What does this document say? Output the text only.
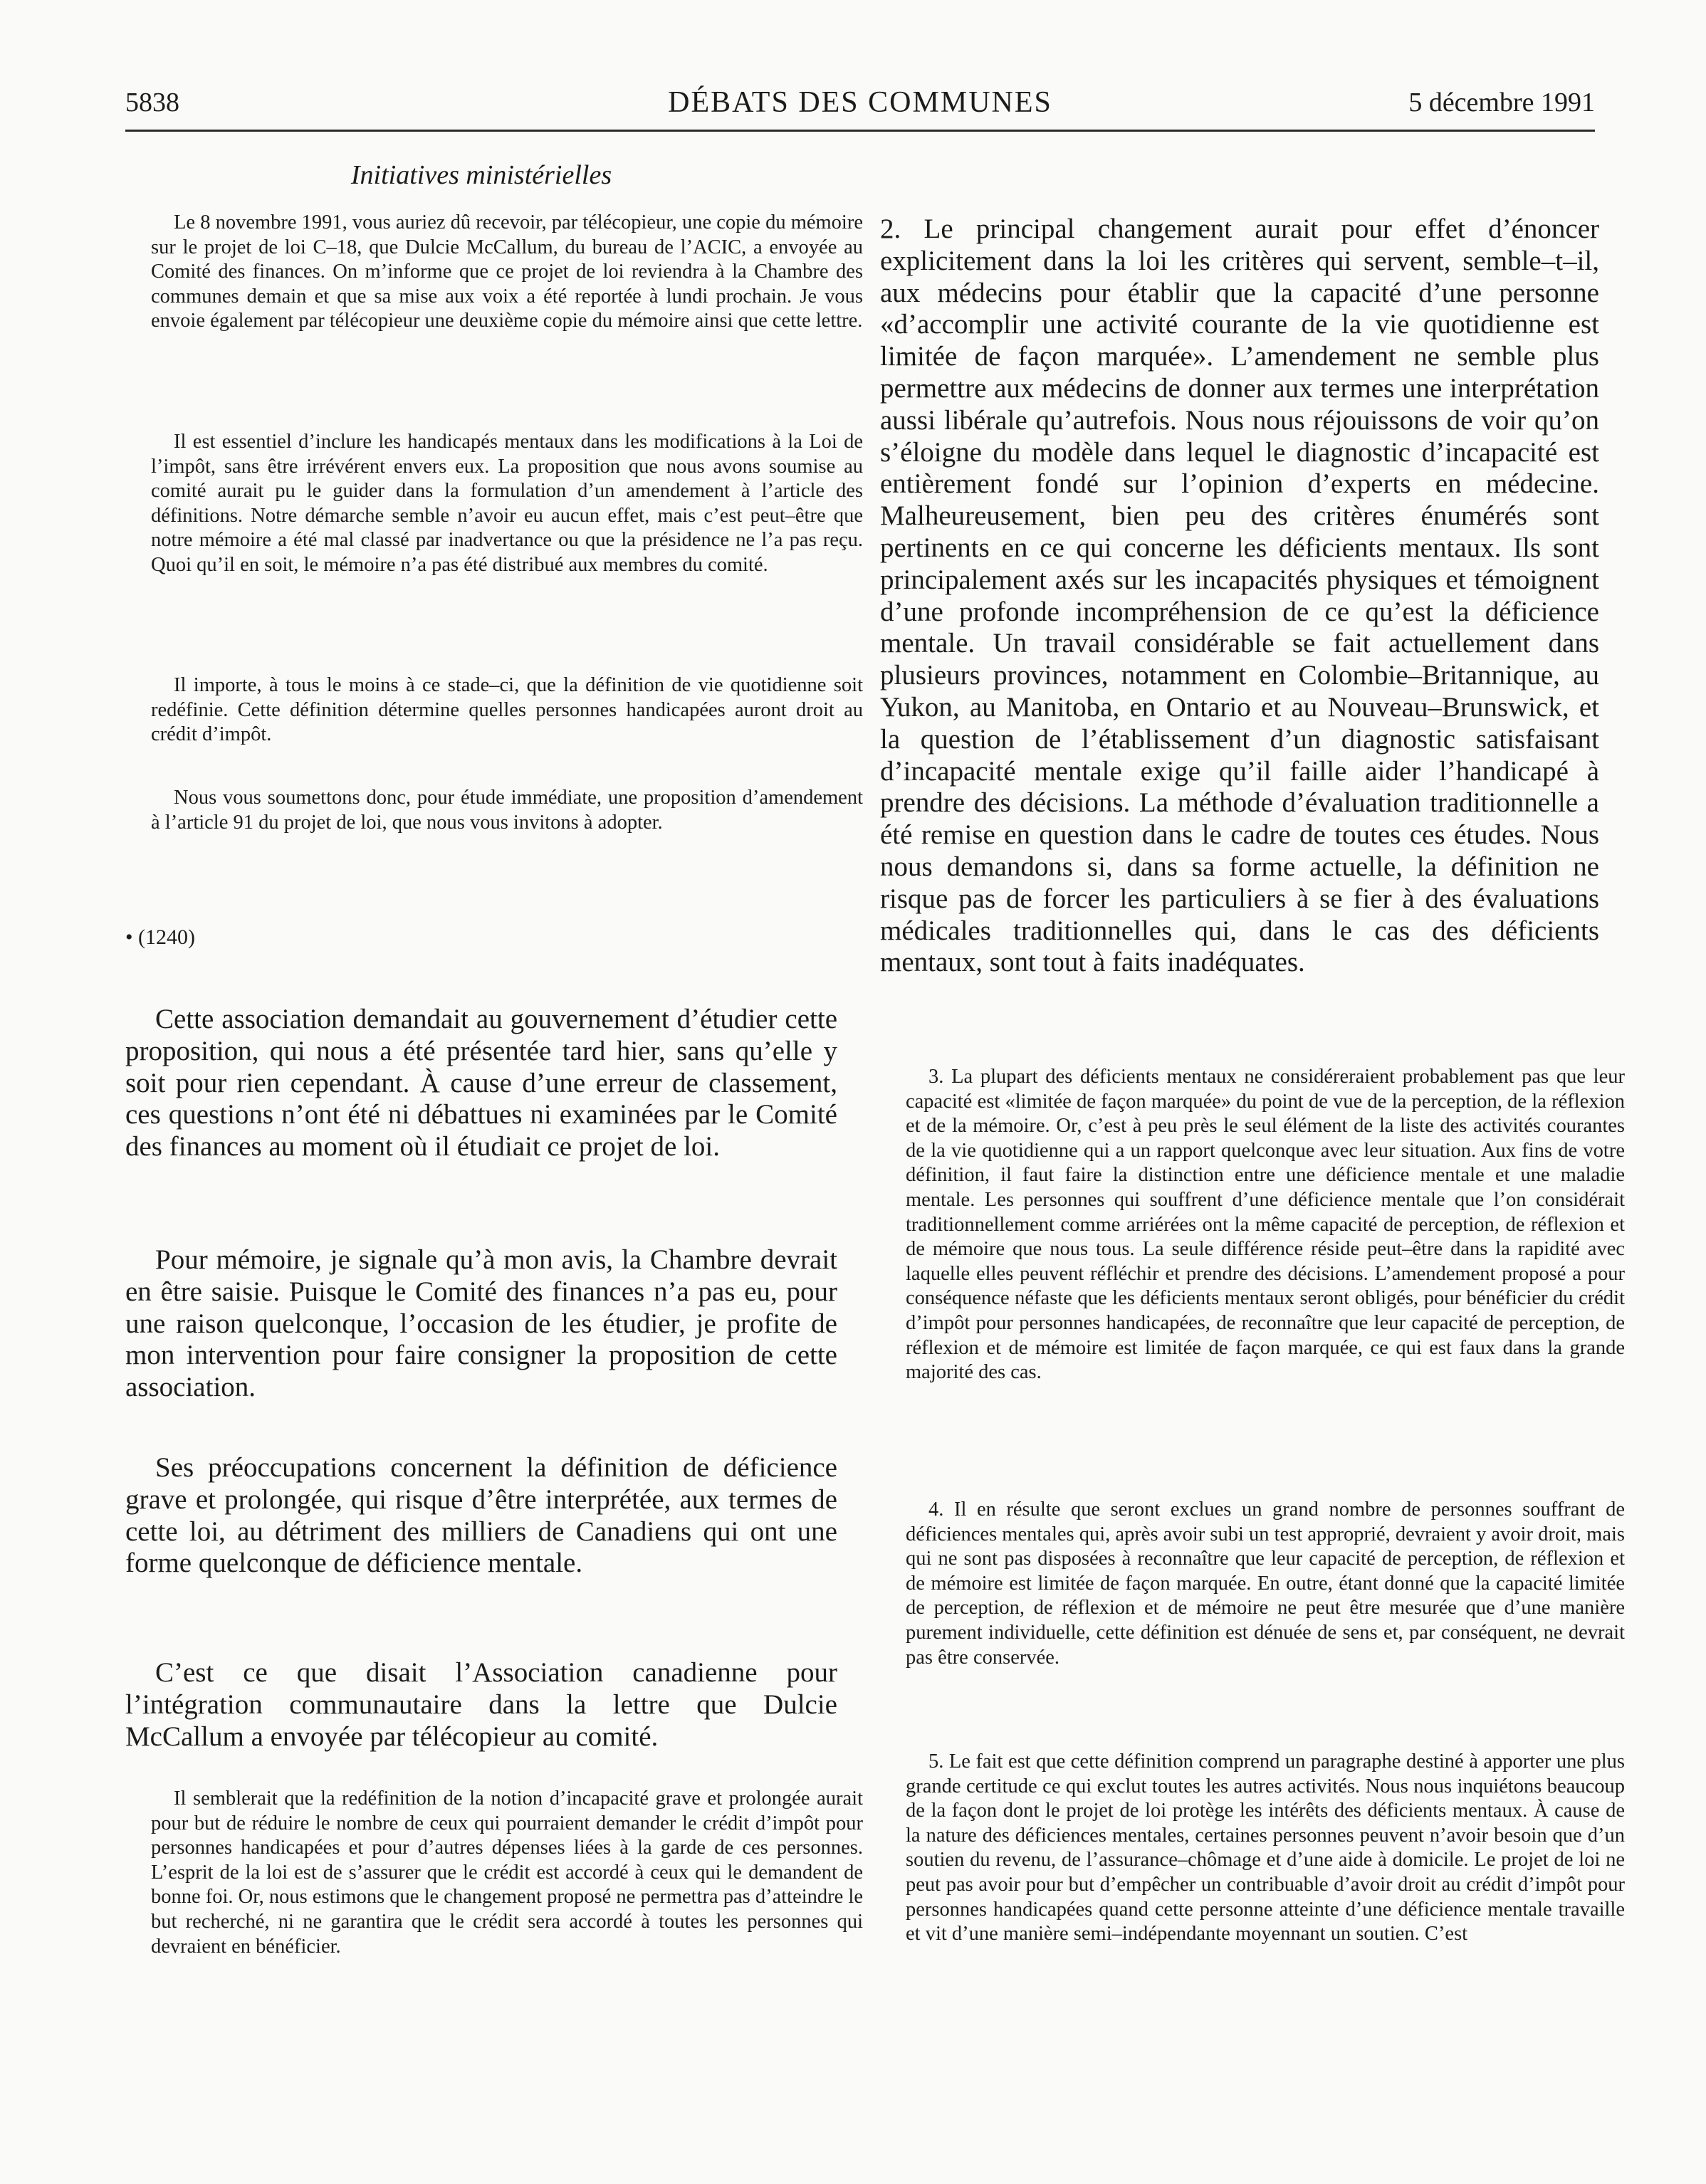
5838	DÉBATS DES COMMUNES	5 décembre 1991
Initiatives ministérielles

Le 8 novembre 1991, vous auriez dû recevoir, par télécopieur, une copie du mémoire sur le projet de loi C–18, que Dulcie McCallum, du bureau de l’ACIC, a envoyée au Comité des finances. On m’informe que ce projet de loi reviendra à la Chambre des communes demain et que sa mise aux voix a été reportée à lundi prochain. Je vous envoie également par télécopieur une deuxième copie du mémoire ainsi que cette lettre.

Il est essentiel d’inclure les handicapés mentaux dans les modifications à la Loi de l’impôt, sans être irrévérent envers eux. La proposition que nous avons soumise au comité aurait pu le guider dans la formulation d’un amendement à l’article des définitions. Notre démarche semble n’avoir eu aucun effet, mais c’est peut–être que notre mémoire a été mal classé par inadvertance ou que la présidence ne l’a pas reçu. Quoi qu’il en soit, le mémoire n’a pas été distribué aux membres du comité.

Il importe, à tous le moins à ce stade–ci, que la définition de vie quotidienne soit redéfinie. Cette définition détermine quelles personnes handicapées auront droit au crédit d’impôt.

Nous vous soumettons donc, pour étude immédiate, une proposition d’amendement à l’article 91 du projet de loi, que nous vous invitons à adopter.

• (1240)

Cette association demandait au gouvernement d’étudier cette proposition, qui nous a été présentée tard hier, sans qu’elle y soit pour rien cependant. À cause d’une erreur de classement, ces questions n’ont été ni débattues ni examinées par le Comité des finances au moment où il étudiait ce projet de loi.

Pour mémoire, je signale qu’à mon avis, la Chambre devrait en être saisie. Puisque le Comité des finances n’a pas eu, pour une raison quelconque, l’occasion de les étudier, je profite de mon intervention pour faire consigner la proposition de cette association.

Ses préoccupations concernent la définition de déficience grave et prolongée, qui risque d’être interprétée, aux termes de cette loi, au détriment des milliers de Canadiens qui ont une forme quelconque de déficience mentale.

C’est ce que disait l’Association canadienne pour l’intégration communautaire dans la lettre que Dulcie McCallum a envoyée par télécopieur au comité.

Il semblerait que la redéfinition de la notion d’incapacité grave et prolongée aurait pour but de réduire le nombre de ceux qui pourraient demander le crédit d’impôt pour personnes handicapées et pour d’autres dépenses liées à la garde de ces personnes. L’esprit de la loi est de s’assurer que le crédit est accordé à ceux qui le demandent de bonne foi. Or, nous estimons que le changement proposé ne permettra pas d’atteindre le but recherché, ni ne garantira que le crédit sera accordé à toutes les personnes qui devraient en bénéficier.

2. Le principal changement aurait pour effet d’énoncer explicitement dans la loi les critères qui servent, semble–t–il, aux médecins pour établir que la capacité d’une personne «d’accomplir une activité courante de la vie quotidienne est limitée de façon marquée». L’amendement ne semble plus permettre aux médecins de donner aux termes une interprétation aussi libérale qu’autrefois. Nous nous réjouissons de voir qu’on s’éloigne du modèle dans lequel le diagnostic d’incapacité est entièrement fondé sur l’opinion d’experts en médecine. Malheureusement, bien peu des critères énumérés sont pertinents en ce qui concerne les déficients mentaux. Ils sont principalement axés sur les incapacités physiques et témoignent d’une profonde incompréhension de ce qu’est la déficience mentale. Un travail considérable se fait actuellement dans plusieurs provinces, notamment en Colombie–Britannique, au Yukon, au Manitoba, en Ontario et au Nouveau–Brunswick, et la question de l’établissement d’un diagnostic satisfaisant d’incapacité mentale exige qu’il faille aider l’handicapé à prendre des décisions. La méthode d’évaluation traditionnelle a été remise en question dans le cadre de toutes ces études. Nous nous demandons si, dans sa forme actuelle, la définition ne risque pas de forcer les particuliers à se fier à des évaluations médicales traditionnelles qui, dans le cas des déficients mentaux, sont tout à faits inadéquates.

3. La plupart des déficients mentaux ne considéreraient probablement pas que leur capacité est «limitée de façon marquée» du point de vue de la perception, de la réflexion et de la mémoire. Or, c’est à peu près le seul élément de la liste des activités courantes de la vie quotidienne qui a un rapport quelconque avec leur situation. Aux fins de votre définition, il faut faire la distinction entre une déficience mentale et une maladie mentale. Les personnes qui souffrent d’une déficience mentale que l’on considérait traditionnellement comme arriérées ont la même capacité de perception, de réflexion et de mémoire que nous tous. La seule différence réside peut–être dans la rapidité avec laquelle elles peuvent réfléchir et prendre des décisions. L’amendement proposé a pour conséquence néfaste que les déficients mentaux seront obligés, pour bénéficier du crédit d’impôt pour personnes handicapées, de reconnaître que leur capacité de perception, de réflexion et de mémoire est limitée de façon marquée, ce qui est faux dans la grande majorité des cas.

4. Il en résulte que seront exclues un grand nombre de personnes souffrant de déficiences mentales qui, après avoir subi un test approprié, devraient y avoir droit, mais qui ne sont pas disposées à reconnaître que leur capacité de perception, de réflexion et de mémoire est limitée de façon marquée. En outre, étant donné que la capacité limitée de perception, de réflexion et de mémoire ne peut être mesurée que d’une manière purement individuelle, cette définition est dénuée de sens et, par conséquent, ne devrait pas être conservée.

5. Le fait est que cette définition comprend un paragraphe destiné à apporter une plus grande certitude ce qui exclut toutes les autres activités. Nous nous inquiétons beaucoup de la façon dont le projet de loi protège les intérêts des déficients mentaux. À cause de la nature des déficiences mentales, certaines personnes peuvent n’avoir besoin que d’un soutien du revenu, de l’assurance–chômage et d’une aide à domicile. Le projet de loi ne peut pas avoir pour but d’empêcher un contribuable d’avoir droit au crédit d’impôt pour personnes handicapées quand cette personne atteinte d’une déficience mentale travaille et vit d’une manière semi–indépendante moyennant un soutien. C’est
